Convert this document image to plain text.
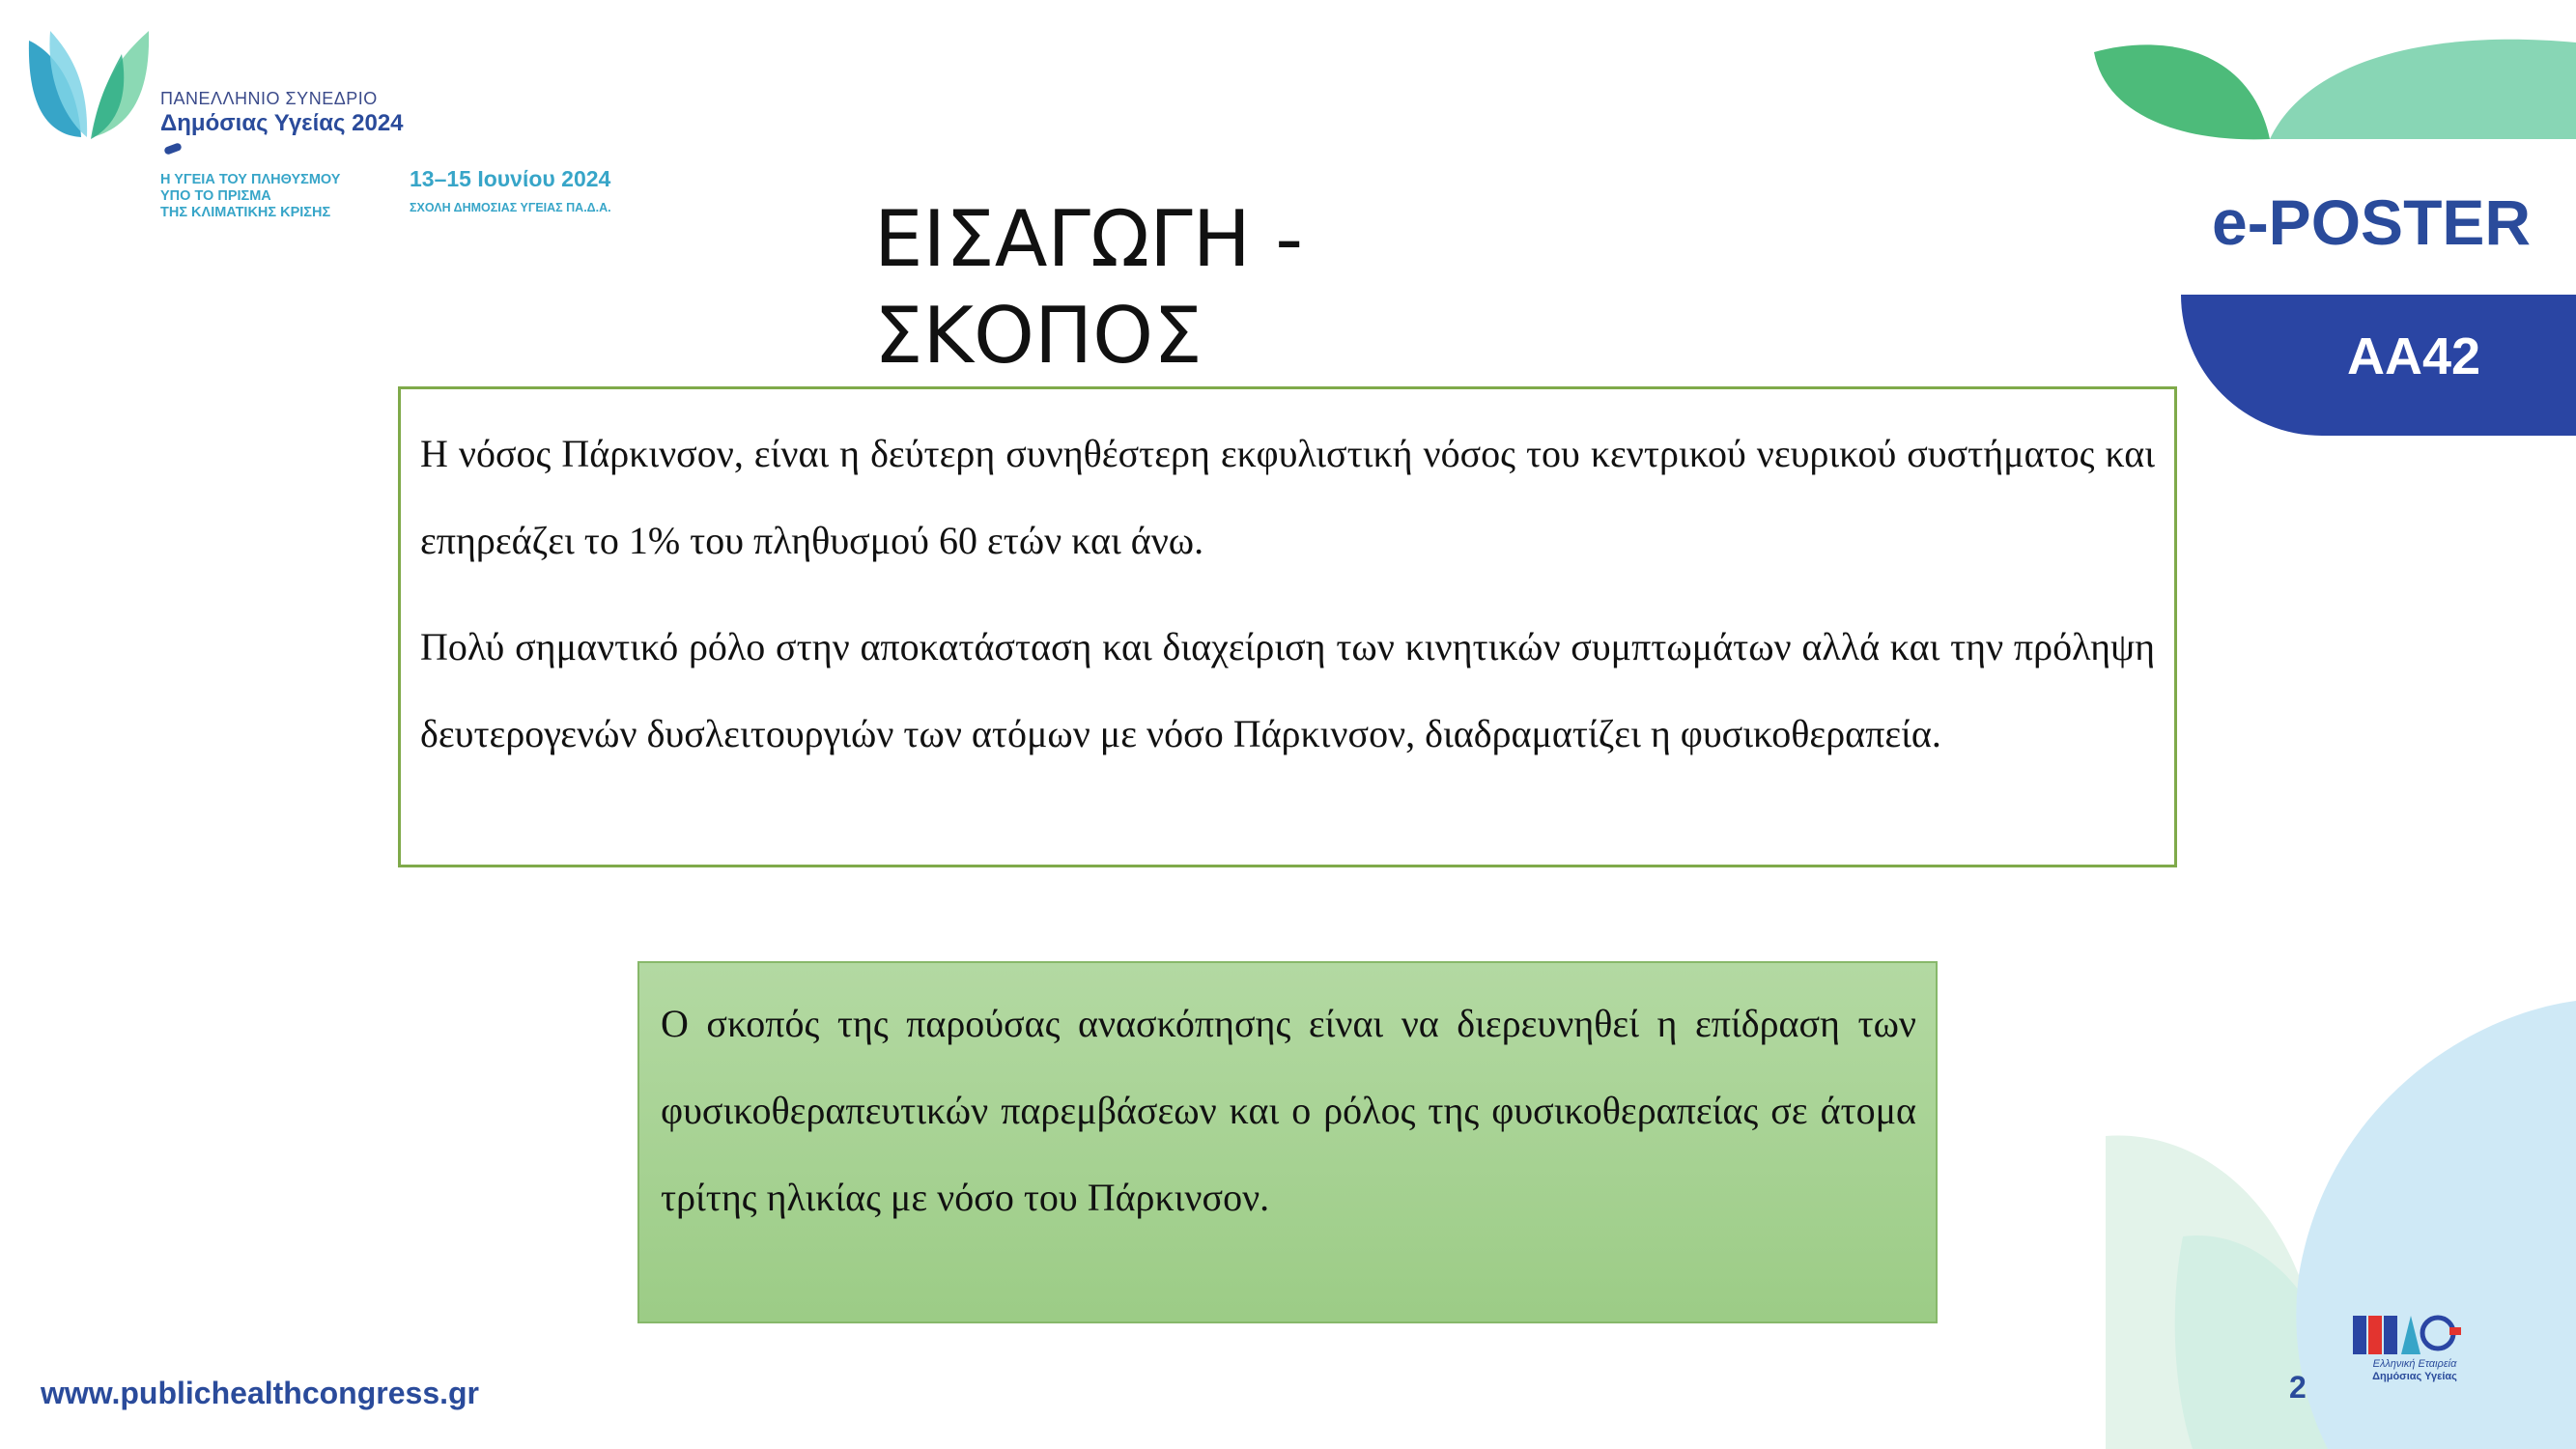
ΠΑΝΕΛΛΗΝΙΟ ΣΥΝΕΔΡΙΟ
Δημόσιας Υγείας 2024
Η ΥΓΕΙΑ ΤΟΥ ΠΛΗΘΥΣΜΟΥ
ΥΠΟ ΤΟ ΠΡΙΣΜΑ
ΤΗΣ ΚΛΙΜΑΤΙΚΗΣ ΚΡΙΣΗΣ
13–15 Ιουνίου 2024
ΣΧΟΛΗ ΔΗΜΟΣΙΑΣ ΥΓΕΙΑΣ ΠΑ.Δ.Α.	ΕΙΣΑΓΩΓΗ - ΣΚΟΠΟΣ
e-POSTER
ΑΑ42

Η νόσος Πάρκινσον, είναι η δεύτερη συνηθέστερη εκφυλιστική νόσος του κεντρικού νευρικού συστήματος και επηρεάζει το 1% του πληθυσμού 60 ετών και άνω.

Πολύ σημαντικό ρόλο στην αποκατάσταση και διαχείριση των κινητικών συμπτωμάτων αλλά και την πρόληψη δευτερογενών δυσλειτουργιών των ατόμων με νόσο Πάρκινσον, διαδραματίζει η φυσικοθεραπεία.

Ο σκοπός της παρούσας ανασκόπησης είναι να διερευνηθεί η επίδραση των φυσικοθεραπευτικών παρεμβάσεων και ο ρόλος της φυσικοθεραπείας σε άτομα τρίτης ηλικίας με νόσο του Πάρκινσον.

Ελληνική Εταιρεία
Δημόσιας Υγείας
www.publichealthcongress.gr	2
